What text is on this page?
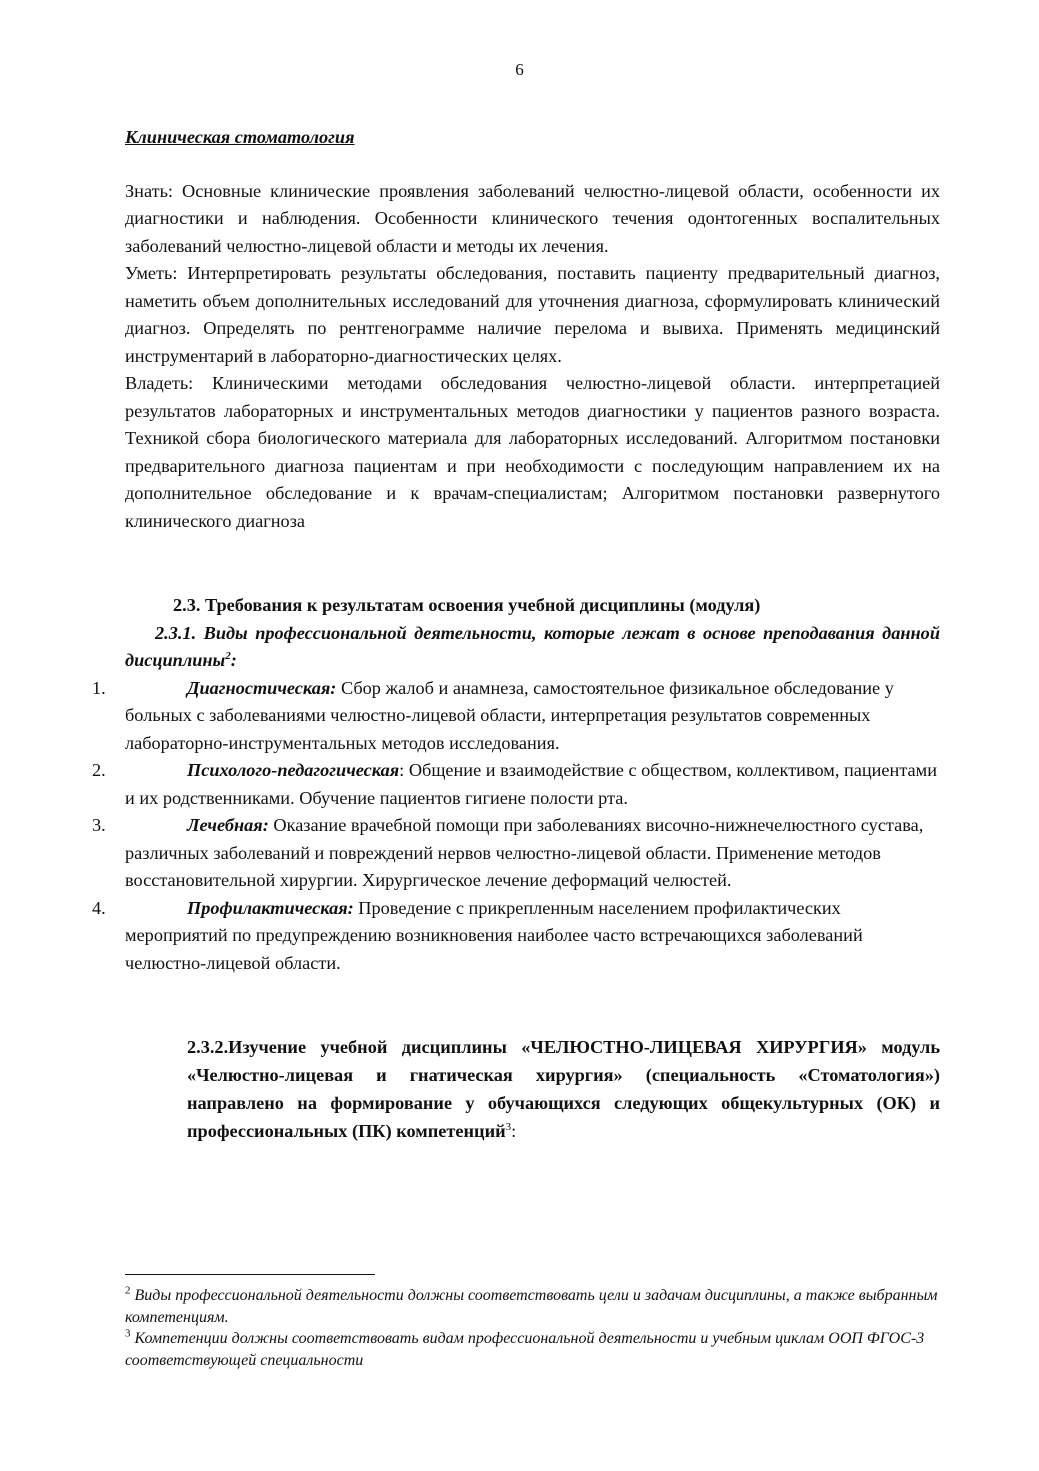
6

Клиническая стоматология

Знать: Основные клинические проявления заболеваний челюстно-лицевой области, особенности их диагностики и наблюдения. Особенности клинического течения одонтогенных воспалительных заболеваний челюстно-лицевой области и методы их лечения.

Уметь: Интерпретировать результаты обследования, поставить пациенту предварительный диагноз, наметить объем дополнительных исследований для уточнения диагноза, сформулировать клинический диагноз. Определять по рентгенограмме наличие перелома и вывиха. Применять медицинский инструментарий в лабораторно-диагностических целях.

Владеть: Клиническими методами обследования челюстно-лицевой области. интерпретацией результатов лабораторных и инструментальных методов диагностики у пациентов разного возраста. Техникой сбора биологического материала для лабораторных исследований. Алгоритмом постановки предварительного диагноза пациентам и при необходимости с последующим направлением их на дополнительное обследование и к врачам-специалистам; Алгоритмом постановки развернутого клинического диагноза

2.3. Требования к результатам освоения учебной дисциплины (модуля)

2.3.1. Виды профессиональной деятельности, которые лежат в основе преподавания данной дисциплины$^2$:

1.	Диагностическая: Сбор жалоб и анамнеза, самостоятельное физикальное обследование у больных с заболеваниями челюстно-лицевой области, интерпретация результатов современных лабораторно-инструментальных методов исследования.
2.	Психолого-педагогическая: Общение и взаимодействие с обществом, коллективом, пациентами и их родственниками. Обучение пациентов гигиене полости рта.
3.	Лечебная: Оказание врачебной помощи при заболеваниях височно-нижнечелюстного сустава, различных заболеваний и повреждений нервов челюстно-лицевой области. Применение методов восстановительной хирургии. Хирургическое лечение деформаций челюстей.
4.	Профилактическая: Проведение с прикрепленным населением профилактических мероприятий по предупреждению возникновения наиболее часто встречающихся заболеваний челюстно-лицевой области.

2.3.2.Изучение учебной дисциплины «ЧЕЛЮСТНО-ЛИЦЕВАЯ ХИРУРГИЯ» модуль «Челюстно-лицевая и гнатическая хирургия» (специальность «Стоматология») направлено на формирование у обучающихся следующих общекультурных (ОК) и профессиональных (ПК) компетенций$^3$:

$^2$ Виды профессиональной деятельности должны соответствовать цели и задачам дисциплины, а также выбранным компетенциям.

$^3$ Компетенции должны соответствовать видам профессиональной деятельности и учебным циклам ООП ФГОС-3 соответствующей специальности
